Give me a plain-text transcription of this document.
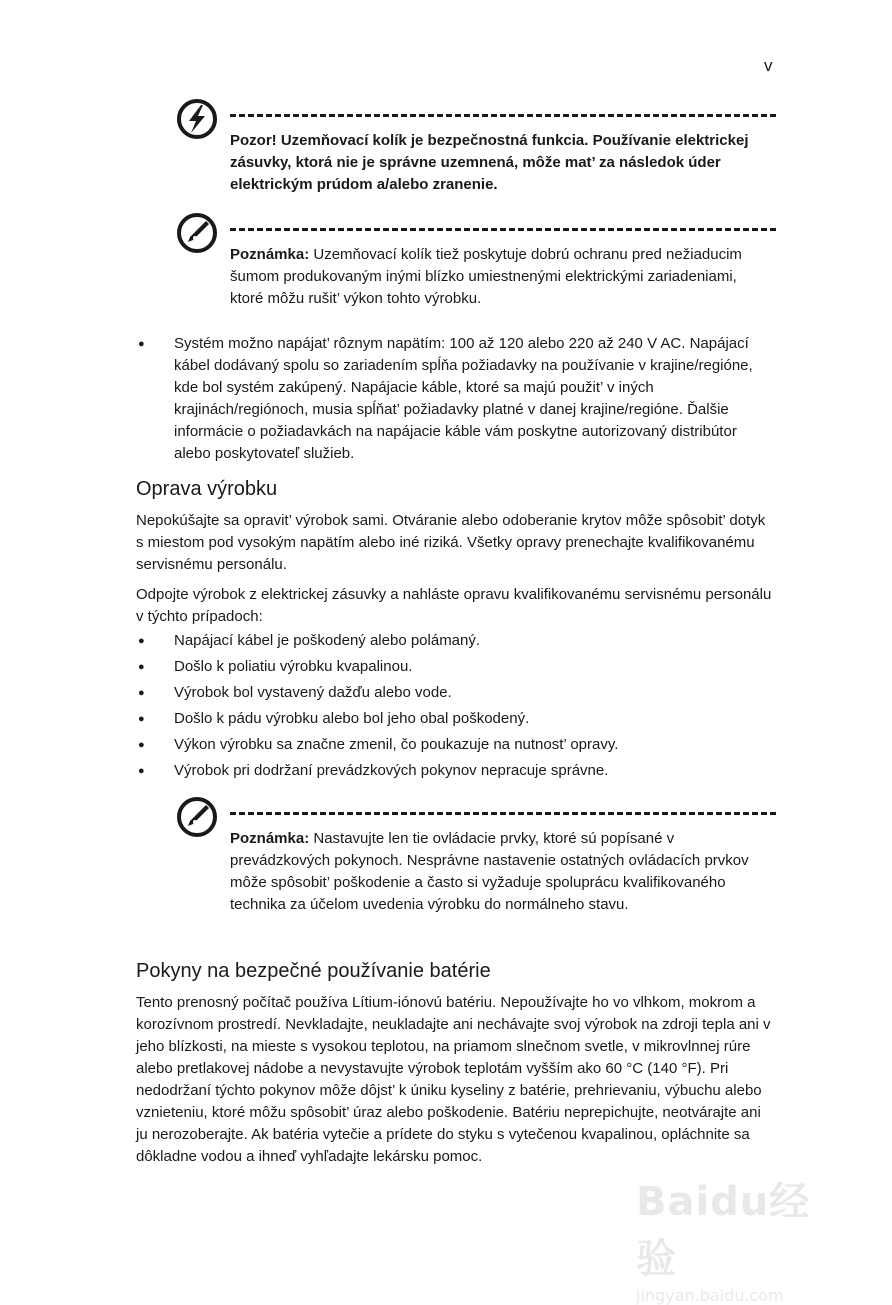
v
Pozor! Uzemňovací kolík je bezpečnostná funkcia. Používanie elektrickej zásuvky, ktorá nie je správne uzemnená, môže mat’ za následok úder elektrickým prúdom a/alebo zranenie.
Poznámka: Uzemňovací kolík tiež poskytuje dobrú ochranu pred nežiaducim šumom produkovaným inými blízko umiestnenými elektrickými zariadeniami, ktoré môžu rušit’ výkon tohto výrobku.
● Systém možno napájat’ rôznym napätím: 100 až 120 alebo 220 až 240 V AC. Napájací kábel dodávaný spolu so zariadením spĺňa požiadavky na používanie v krajine/regióne, kde bol systém zakúpený. Napájacie káble, ktoré sa majú použit’ v iných krajinách/regiónoch, musia spĺňat’ požiadavky platné v danej krajine/regióne. Ďalšie informácie o požiadavkách na napájacie káble vám poskytne autorizovaný distribútor alebo poskytovateľ služieb.
Oprava výrobku
Nepokúšajte sa opravit’ výrobok sami. Otváranie alebo odoberanie krytov môže spôsobit’ dotyk s miestom pod vysokým napätím alebo iné riziká. Všetky opravy prenechajte kvalifikovanému servisnému personálu.
Odpojte výrobok z elektrickej zásuvky a nahláste opravu kvalifikovanému servisnému personálu v týchto prípadoch:
● Napájací kábel je poškodený alebo polámaný.
● Došlo k poliatiu výrobku kvapalinou.
● Výrobok bol vystavený dažďu alebo vode.
● Došlo k pádu výrobku alebo bol jeho obal poškodený.
● Výkon výrobku sa značne zmenil, čo poukazuje na nutnost’ opravy.
● Výrobok pri dodržaní prevádzkových pokynov nepracuje správne.
Poznámka: Nastavujte len tie ovládacie prvky, ktoré sú popísané v prevádzkových pokynoch. Nesprávne nastavenie ostatných ovládacích prvkov môže spôsobit’ poškodenie a často si vyžaduje spoluprácu kvalifikovaného technika za účelom uvedenia výrobku do normálneho stavu.
Pokyny na bezpečné používanie batérie
Tento prenosný počítač používa Lítium-iónovú batériu. Nepoužívajte ho vo vlhkom, mokrom a korozívnom prostredí. Nevkladajte, neukladajte ani nechávajte svoj výrobok na zdroji tepla ani v jeho blízkosti, na mieste s vysokou teplotou, na priamom slnečnom svetle, v mikrovlnnej rúre alebo pretlakovej nádobe a nevystavujte výrobok teplotám vyšším ako 60 °C (140 °F). Pri nedodržaní týchto pokynov môže dôjst’ k úniku kyseliny z batérie, prehrievaniu, výbuchu alebo vznieteniu, ktoré môžu spôsobit’ úraz alebo poškodenie. Batériu neprepichujte, neotvárajte ani ju nerozoberajte. Ak batéria vytečie a prídete do styku s vytečenou kvapalinou, opláchnite sa dôkladne vodou a ihneď vyhľadajte lekársku pomoc.
Baidu经验
jingyan.baidu.com
